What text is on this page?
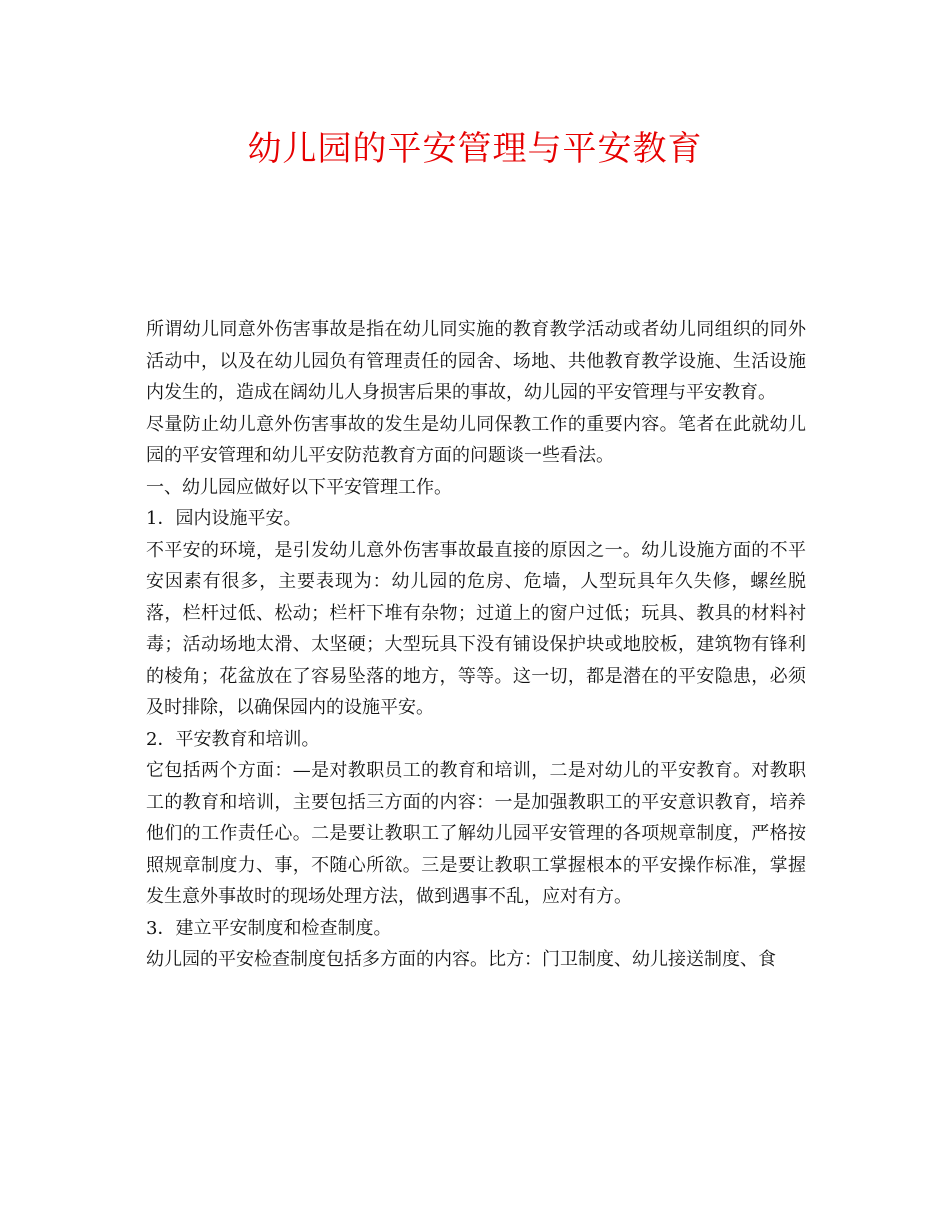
幼儿园的平安管理与平安教育

所谓幼儿同意外伤害事故是指在幼儿同实施的教育教学活动或者幼儿同组织的同外活动中，以及在幼儿园负有管理责任的园舍、场地、共他教育教学设施、生活设施内发生的，造成在阔幼儿人身损害后果的事故，幼儿园的平安管理与平安教育。

尽量防止幼儿意外伤害事故的发生是幼儿同保教工作的重要内容。笔者在此就幼儿园的平安管理和幼儿平安防范教育方面的问题谈一些看法。

一、幼儿园应做好以下平安管理工作。

1．园内设施平安。

不平安的环境，是引发幼儿意外伤害事故最直接的原因之一。幼儿设施方面的不平安因素有很多，主要表现为：幼儿园的危房、危墙，人型玩具年久失修，螺丝脱落，栏杆过低、松动；栏杆下堆有杂物；过道上的窗户过低；玩具、教具的材料衬毒；活动场地太滑、太坚硬；大型玩具下没有铺设保护块或地胶板，建筑物有锋利的棱角；花盆放在了容易坠落的地方，等等。这一切，都是潜在的平安隐患，必须及时排除，以确保园内的设施平安。

2．平安教育和培训。

它包括两个方面：—是对教职员工的教育和培训，二是对幼儿的平安教育。对教职工的教育和培训，主要包括三方面的内容：一是加强教职工的平安意识教育，培养他们的工作责任心。二是要让教职工了解幼儿园平安管理的各项规章制度，严格按照规章制度力、事，不随心所欲。三是要让教职工掌握根本的平安操作标准，掌握发生意外事故时的现场处理方法，做到遇事不乱，应对有方。

3．建立平安制度和检查制度。

幼儿园的平安检查制度包括多方面的内容。比方：门卫制度、幼儿接送制度、食
